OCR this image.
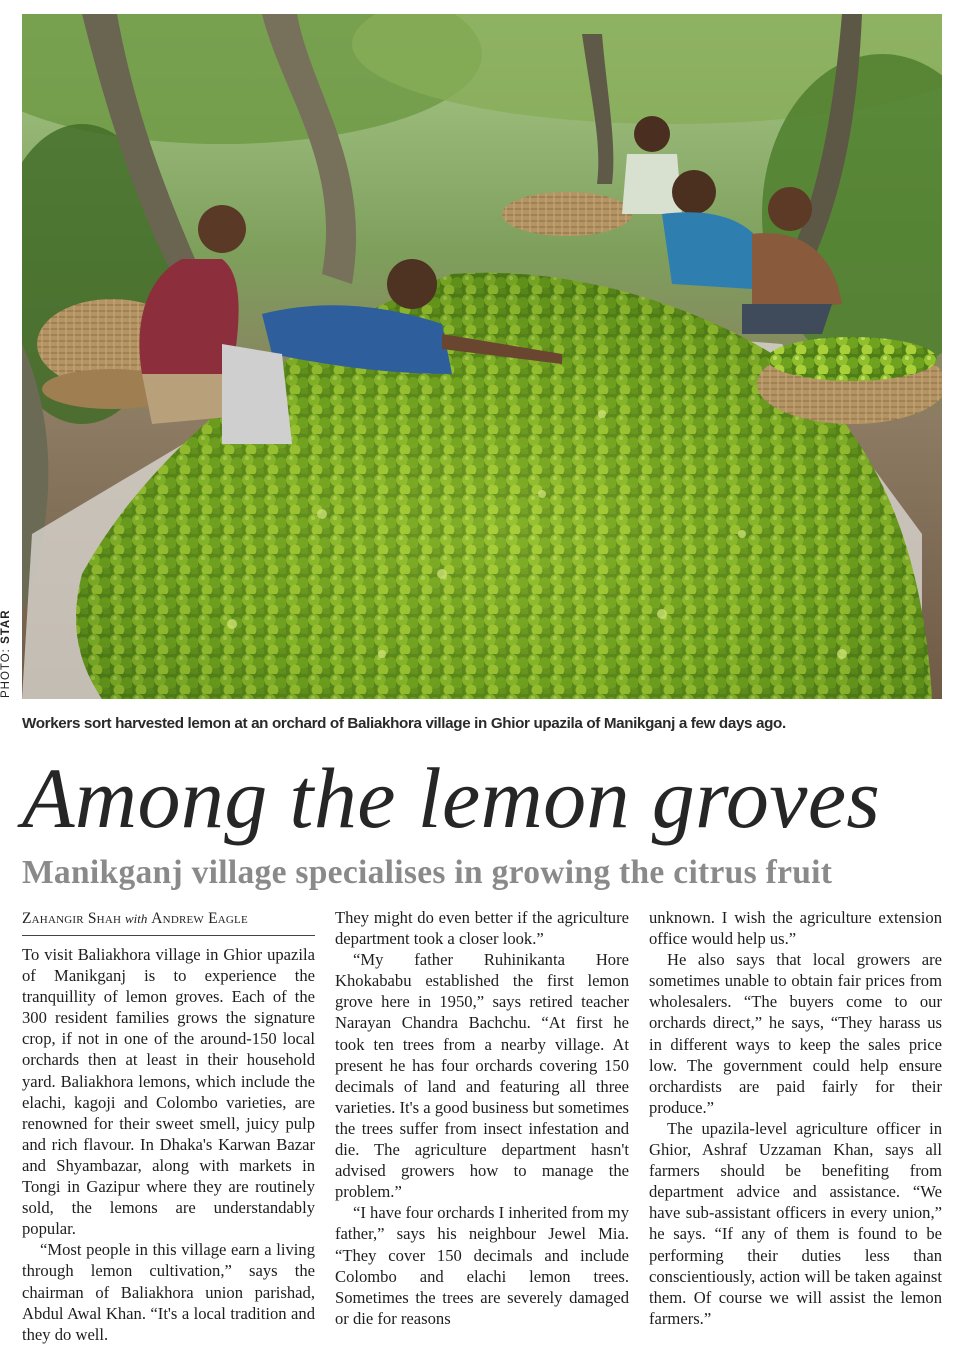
PHOTO: STAR
Workers sort harvested lemon at an orchard of Baliakhora village in Ghior upazila of Manikganj a few days ago.
Among the lemon groves
Manikganj village specialises in growing the citrus fruit
Zahangir Shah with Andrew Eagle

To visit Baliakhora village in Ghior upazila of Manikganj is to experience the tranquillity of lemon groves. Each of the 300 resident families grows the signature crop, if not in one of the around-150 local orchards then at least in their household yard. Baliakhora lemons, which include the elachi, kagoji and Colombo varieties, are renowned for their sweet smell, juicy pulp and rich flavour. In Dhaka's Karwan Bazar and Shyambazar, along with markets in Tongi in Gazipur where they are routinely sold, the lemons are understandably popular.

“Most people in this village earn a living through lemon cultivation,” says the chairman of Baliakhora union parishad, Abdul Awal Khan. “It's a local tradition and they do well.

They might do even better if the agriculture department took a closer look.”

“My father Ruhinikanta Hore Khokababu established the first lemon grove here in 1950,” says retired teacher Narayan Chandra Bachchu. “At first he took ten trees from a nearby village. At present he has four orchards covering 150 decimals of land and featuring all three varieties. It's a good business but sometimes the trees suffer from insect infestation and die. The agriculture department hasn't advised growers how to manage the problem.”

“I have four orchards I inherited from my father,” says his neighbour Jewel Mia. “They cover 150 decimals and include Colombo and elachi lemon trees. Sometimes the trees are severely damaged or die for reasons

unknown. I wish the agriculture extension office would help us.”

He also says that local growers are sometimes unable to obtain fair prices from wholesalers. “The buyers come to our orchards direct,” he says, “They harass us in different ways to keep the sales price low. The government could help ensure orchardists are paid fairly for their produce.”

The upazila-level agriculture officer in Ghior, Ashraf Uzzaman Khan, says all farmers should be benefiting from department advice and assistance. “We have sub-assistant officers in every union,” he says. “If any of them is found to be performing their duties less than conscientiously, action will be taken against them. Of course we will assist the lemon farmers.”
